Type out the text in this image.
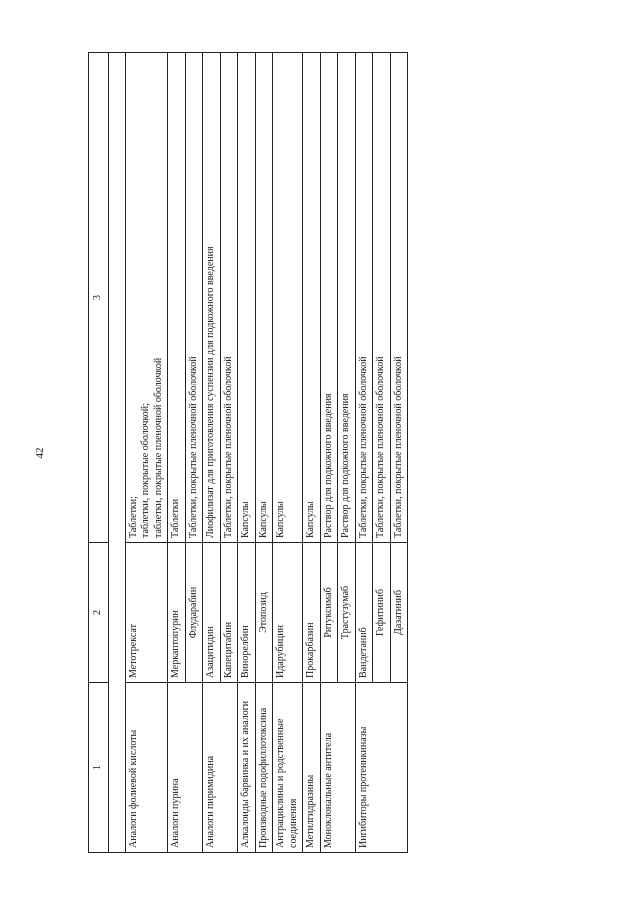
42
1	2	3

Аналоги фолиевой кислоты	Метотрексат	Таблетки;
таблетки, покрытые оболочкой;
таблетки, покрытые пленочной оболочкой
Аналоги пурина	Меркаптопурин	Таблетки
	Флударабин	Таблетки, покрытые пленочной оболочкой
Аналоги пиримидина	Азацитидин	Лиофилизат для приготовления суспензии для подкожного введения
	Капецитабин	Таблетки, покрытые пленочной оболочкой
Алкалоиды барвинка и их аналоги	Винорелбин	Капсулы
Производные подофиллотоксина	Этопозид	Капсулы
Антрациклины и родственные соединения	Идарубицин	Капсулы
Метилгидразины	Прокарбазин	Капсулы
Моноклональные антитела	Ритуксимаб	Раствор для подкожного введения
	Трастузумаб	Раствор для подкожного введения
Ингибиторы протеинкиназы	Вандетаниб	Таблетки, покрытые пленочной оболочкой
	Гефитиниб	Таблетки, покрытые пленочной оболочкой
	Дазатиниб	Таблетки, покрытые пленочной оболочкой
